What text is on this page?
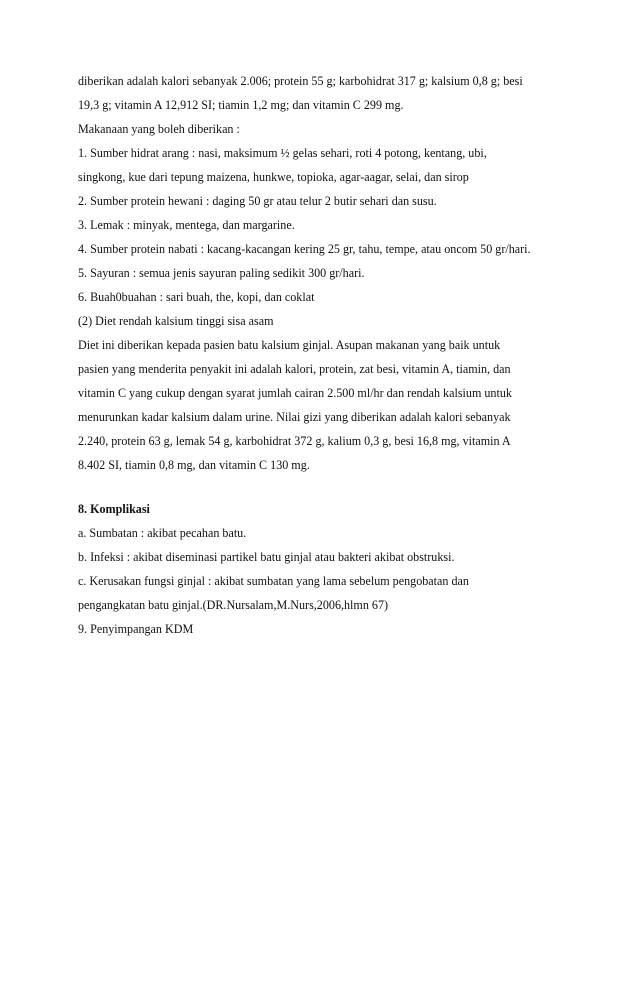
diberikan adalah kalori sebanyak 2.006; protein 55 g; karbohidrat 317 g; kalsium 0,8 g; besi
19,3 g; vitamin A 12,912 SI; tiamin 1,2 mg; dan vitamin C 299 mg.
Makanaan yang boleh diberikan :
1. Sumber hidrat arang : nasi, maksimum ½ gelas sehari, roti 4 potong, kentang, ubi,
singkong, kue dari tepung maizena, hunkwe, topioka, agar-aagar, selai, dan sirop
2. Sumber protein hewani : daging 50 gr atau telur 2 butir sehari dan susu.
3. Lemak : minyak, mentega, dan margarine.
4. Sumber protein nabati : kacang-kacangan kering 25 gr, tahu, tempe, atau oncom 50 gr/hari.
5. Sayuran : semua jenis sayuran paling sedikit 300 gr/hari.
6. Buah0buahan : sari buah, the, kopi, dan coklat
(2) Diet rendah kalsium tinggi sisa asam
Diet ini diberikan kepada pasien batu kalsium ginjal. Asupan makanan yang baik untuk
pasien yang menderita penyakit ini adalah kalori, protein, zat besi, vitamin A, tiamin, dan
vitamin C yang cukup dengan syarat jumlah cairan 2.500 ml/hr dan rendah kalsium untuk
menurunkan kadar kalsium dalam urine. Nilai gizi yang diberikan adalah kalori sebanyak
2.240, protein 63 g, lemak 54 g, karbohidrat 372 g, kalium 0,3 g, besi 16,8 mg, vitamin A
8.402 SI, tiamin 0,8 mg, dan vitamin C 130 mg.
8. Komplikasi
a. Sumbatan : akibat pecahan batu.
b. Infeksi : akibat diseminasi partikel batu ginjal atau bakteri akibat obstruksi.
c. Kerusakan fungsi ginjal : akibat sumbatan yang lama sebelum pengobatan dan
pengangkatan batu ginjal.(DR.Nursalam,M.Nurs,2006,hlmn 67)
9. Penyimpangan KDM
